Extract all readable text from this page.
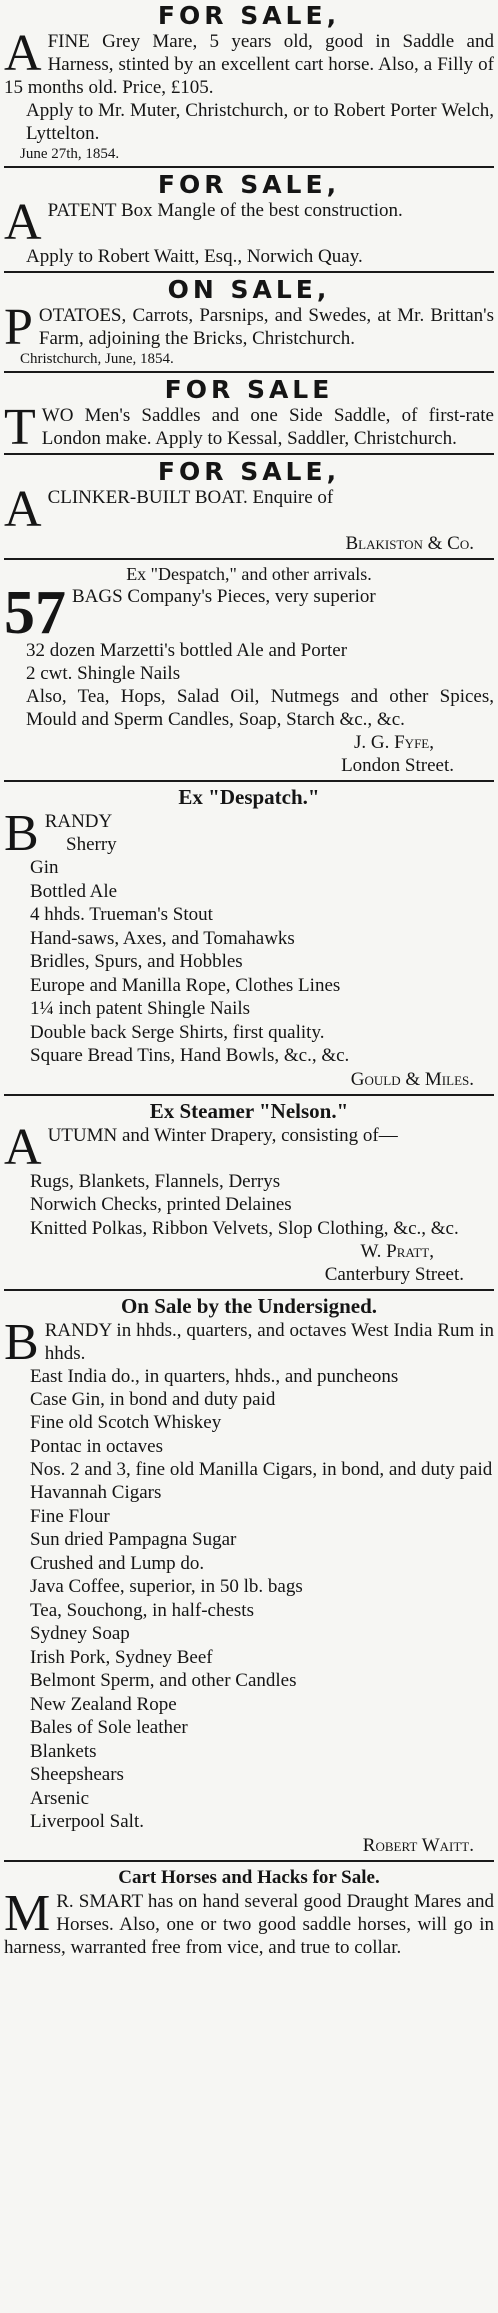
FOR SALE,
A FINE Grey Mare, 5 years old, good in Saddle and Harness, stinted by an excellent cart horse. Also, a Filly of 15 months old. Price, £105.
Apply to Mr. Muter, Christchurch, or to Robert Porter Welch, Lyttelton.
June 27th, 1854.
FOR SALE,
A PATENT Box Mangle of the best construction.
Apply to Robert Waitt, Esq., Norwich Quay.
ON SALE,
P OTATOES, Carrots, Parsnips, and Swedes, at Mr. Brittan's Farm, adjoining the Bricks, Christchurch.
Christchurch, June, 1854.
FOR SALE
T WO Men's Saddles and one Side Saddle, of first-rate London make. Apply to Kessal, Saddler, Christchurch.
FOR SALE,
A CLINKER-BUILT BOAT. Enquire of
Blakiston & Co.
Ex "Despatch," and other arrivals.
57 BAGS Company's Pieces, very superior
32 dozen Marzetti's bottled Ale and Porter
2 cwt. Shingle Nails
Also, Tea, Hops, Salad Oil, Nutmegs and other Spices, Mould and Sperm Candles, Soap, Starch &c., &c.
J. G. Fyfe,
London Street.
Ex "Despatch."
B RANDY
Sherry
Gin
Bottled Ale
4 hhds. Trueman's Stout
Hand-saws, Axes, and Tomahawks
Bridles, Spurs, and Hobbles
Europe and Manilla Rope, Clothes Lines
1¼ inch patent Shingle Nails
Double back Serge Shirts, first quality.
Square Bread Tins, Hand Bowls, &c., &c.
Gould & Miles.
Ex Steamer "Nelson."
A UTUMN and Winter Drapery, consisting of—
Rugs, Blankets, Flannels, Derrys
Norwich Checks, printed Delaines
Knitted Polkas, Ribbon Velvets, Slop Clothing, &c., &c.
W. Pratt,
Canterbury Street.
On Sale by the Undersigned.
B RANDY in hhds., quarters, and octaves West India Rum in hhds.
East India do., in quarters, hhds., and puncheons
Case Gin, in bond and duty paid
Fine old Scotch Whiskey
Pontac in octaves
Nos. 2 and 3, fine old Manilla Cigars, in bond, and duty paid
Havannah Cigars
Fine Flour
Sun dried Pampagna Sugar
Crushed and Lump do.
Java Coffee, superior, in 50 lb. bags
Tea, Souchong, in half-chests
Sydney Soap
Irish Pork, Sydney Beef
Belmont Sperm, and other Candles
New Zealand Rope
Bales of Sole leather
Blankets
Sheepshears
Arsenic
Liverpool Salt.
Robert Waitt.
Cart Horses and Hacks for Sale.
M R. SMART has on hand several good Draught Mares and Horses. Also, one or two good saddle horses, will go in harness, warranted free from vice, and true to collar.
